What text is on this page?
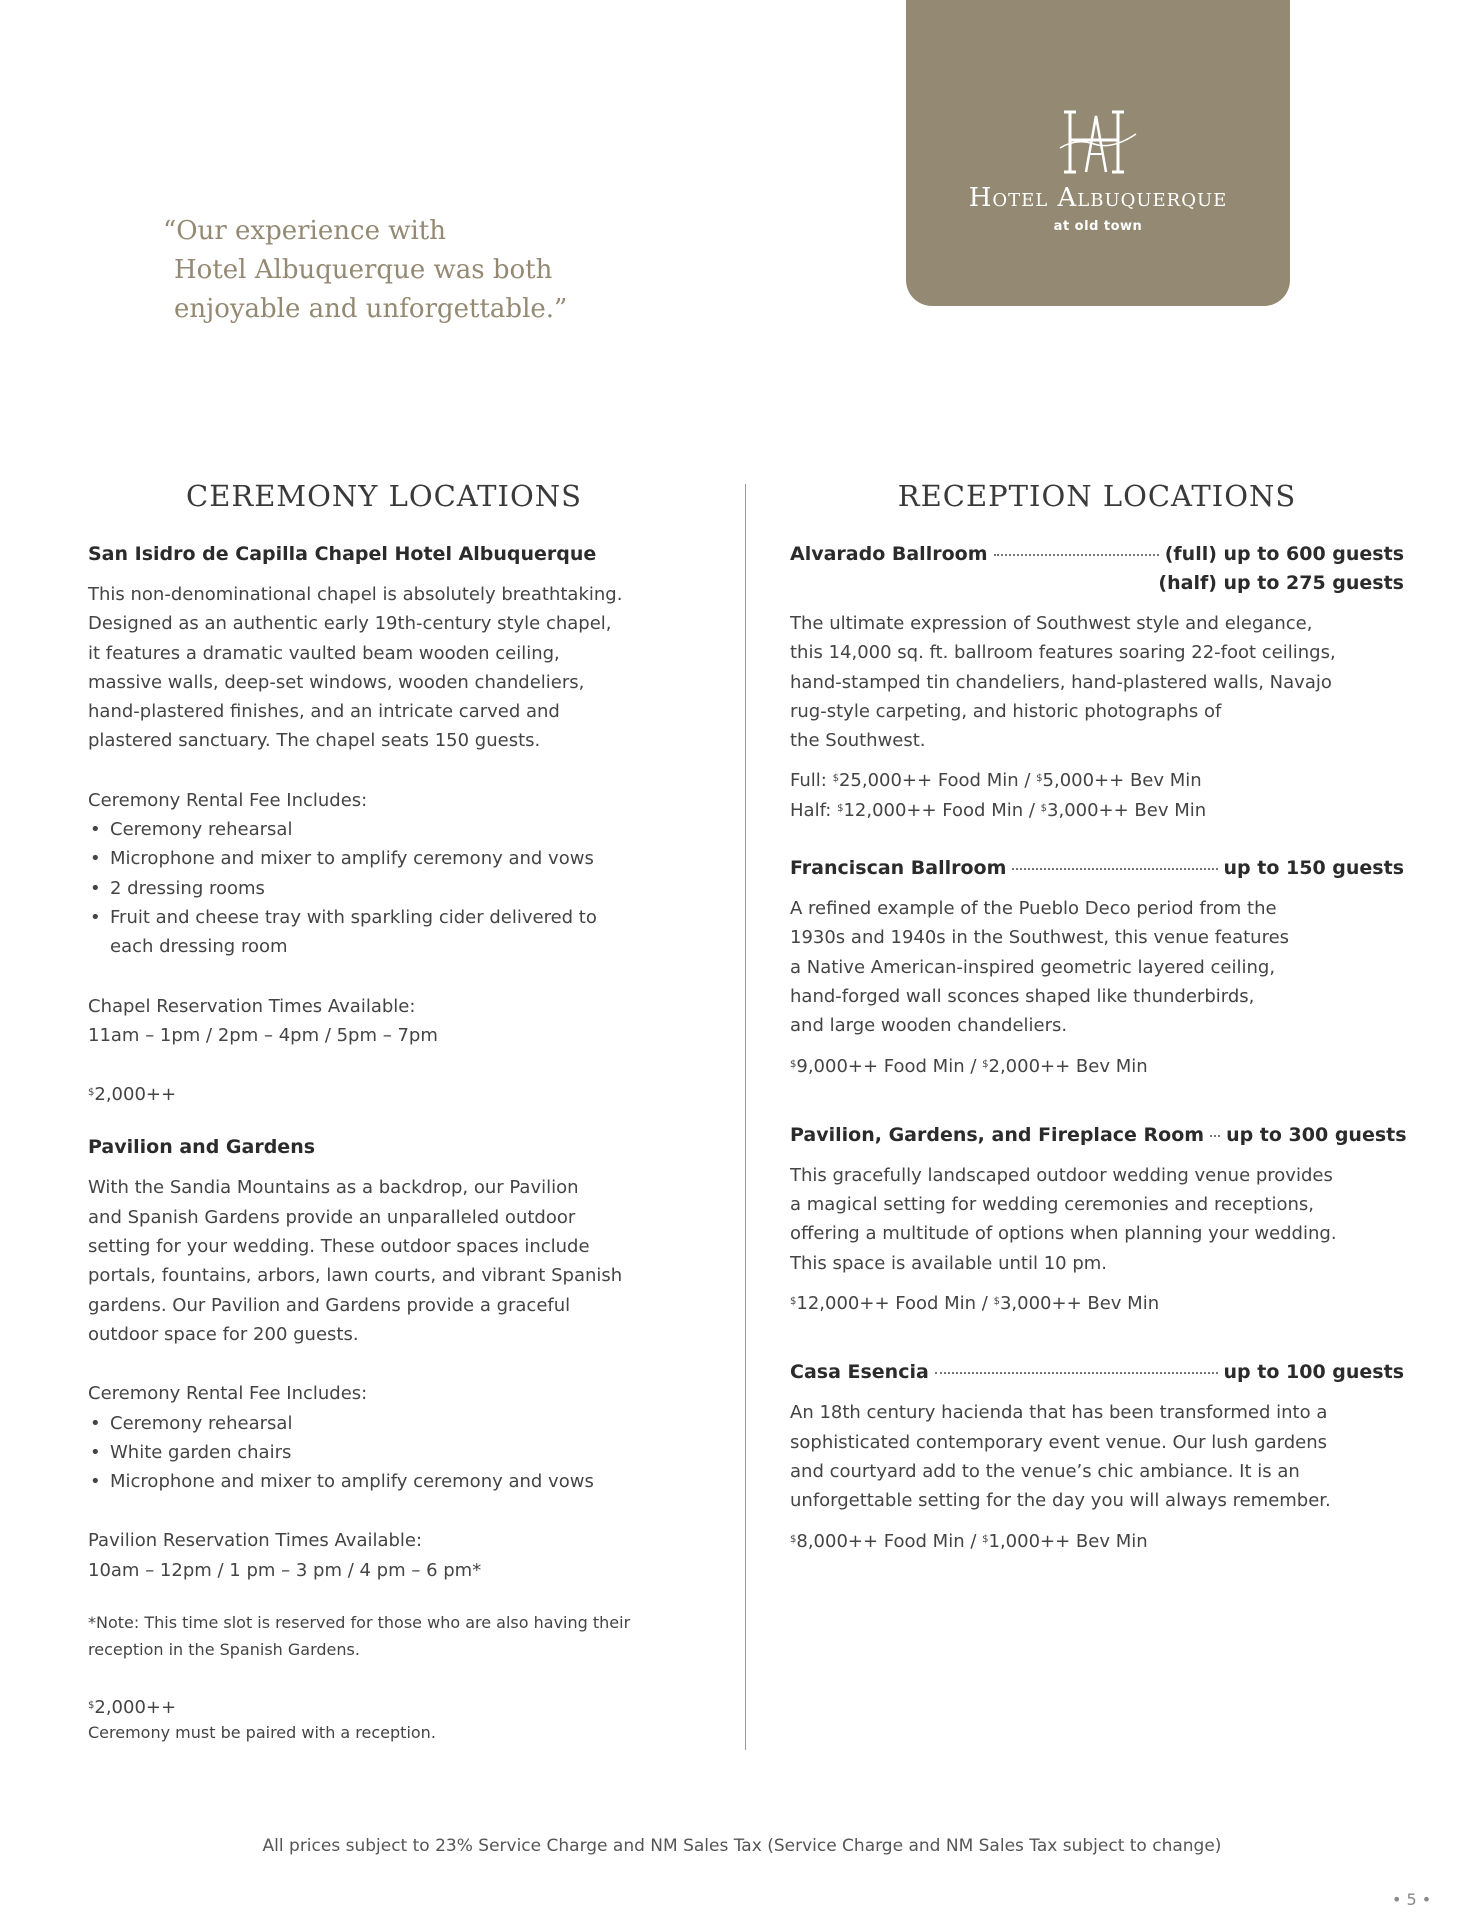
Hotel Albuquerque
at old town
“Our experience with
Hotel Albuquerque was both
enjoyable and unforgettable.”
CEREMONY LOCATIONS
San Isidro de Capilla Chapel Hotel Albuquerque
This non-denominational chapel is absolutely breathtaking.
Designed as an authentic early 19th-century style chapel,
it features a dramatic vaulted beam wooden ceiling,
massive walls, deep-set windows, wooden chandeliers,
hand-plastered finishes, and an intricate carved and
plastered sanctuary. The chapel seats 150 guests.
Ceremony Rental Fee Includes:
• Ceremony rehearsal
• Microphone and mixer to amplify ceremony and vows
• 2 dressing rooms
• Fruit and cheese tray with sparkling cider delivered to
each dressing room
Chapel Reservation Times Available:
11am – 1pm / 2pm – 4pm / 5pm – 7pm
$2,000++
Pavilion and Gardens
With the Sandia Mountains as a backdrop, our Pavilion
and Spanish Gardens provide an unparalleled outdoor
setting for your wedding. These outdoor spaces include
portals, fountains, arbors, lawn courts, and vibrant Spanish
gardens. Our Pavilion and Gardens provide a graceful
outdoor space for 200 guests.
Ceremony Rental Fee Includes:
• Ceremony rehearsal
• White garden chairs
• Microphone and mixer to amplify ceremony and vows
Pavilion Reservation Times Available:
10am – 12pm / 1 pm – 3 pm / 4 pm – 6 pm*
*Note: This time slot is reserved for those who are also having their
reception in the Spanish Gardens.
$2,000++
Ceremony must be paired with a reception.
RECEPTION LOCATIONS
Alvarado Ballroom	(full) up to 600 guests
(half) up to 275 guests
The ultimate expression of Southwest style and elegance,
this 14,000 sq. ft. ballroom features soaring 22-foot ceilings,
hand-stamped tin chandeliers, hand-plastered walls, Navajo
rug-style carpeting, and historic photographs of
the Southwest.
Full: $25,000++ Food Min / $5,000++ Bev Min
Half: $12,000++ Food Min / $3,000++ Bev Min
Franciscan Ballroom	up to 150 guests
A refined example of the Pueblo Deco period from the
1930s and 1940s in the Southwest, this venue features
a Native American-inspired geometric layered ceiling,
hand-forged wall sconces shaped like thunderbirds,
and large wooden chandeliers.
$9,000++ Food Min / $2,000++ Bev Min
Pavilion, Gardens, and Fireplace Room up to 300 guests
This gracefully landscaped outdoor wedding venue provides
a magical setting for wedding ceremonies and receptions,
offering a multitude of options when planning your wedding.
This space is available until 10 pm.
$12,000++ Food Min / $3,000++ Bev Min
Casa Esencia	up to 100 guests
An 18th century hacienda that has been transformed into a
sophisticated contemporary event venue. Our lush gardens
and courtyard add to the venue’s chic ambiance. It is an
unforgettable setting for the day you will always remember.
$8,000++ Food Min / $1,000++ Bev Min
All prices subject to 23% Service Charge and NM Sales Tax (Service Charge and NM Sales Tax subject to change)
• 5 •
